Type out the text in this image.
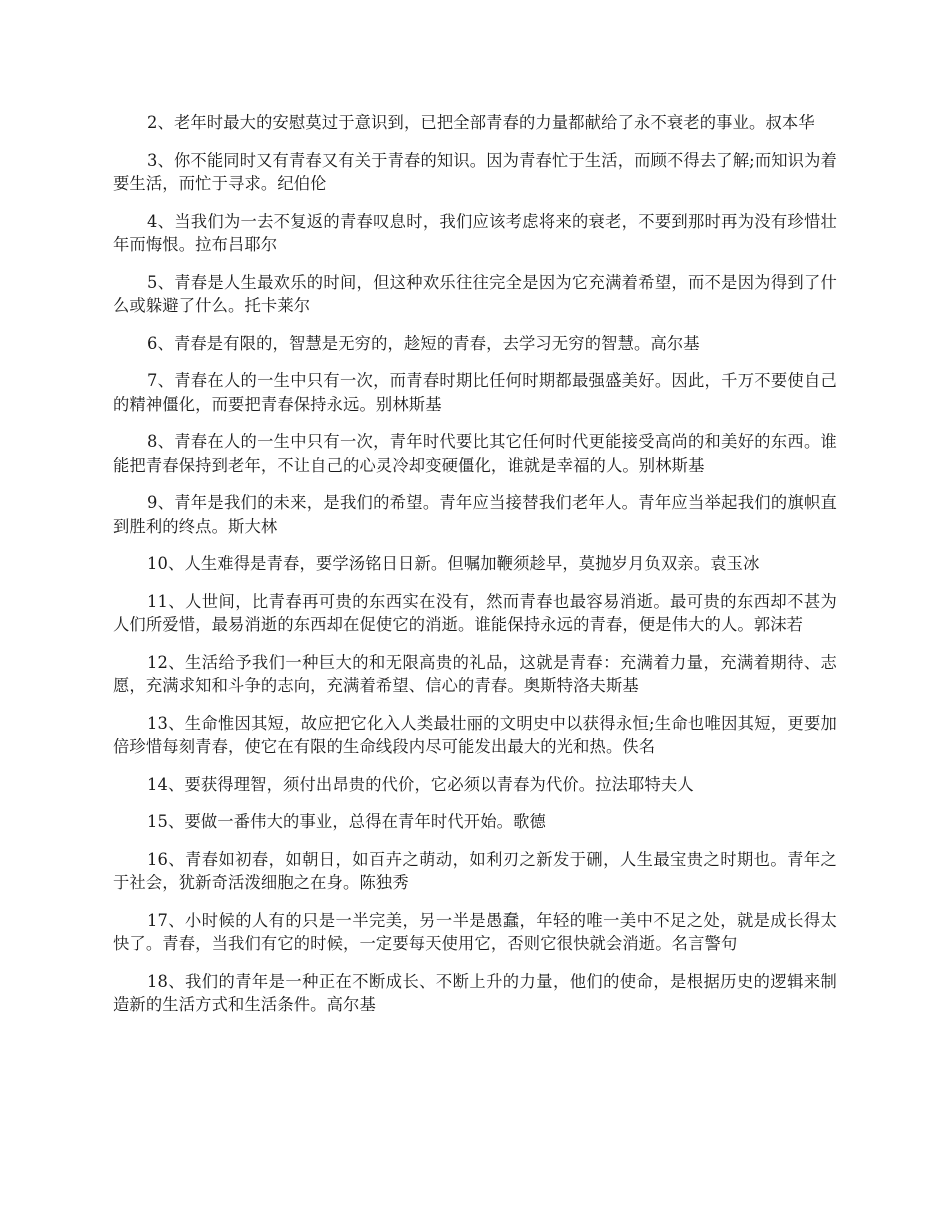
2、老年时最大的安慰莫过于意识到，已把全部青春的力量都献给了永不衰老的事业。叔本华

3、你不能同时又有青春又有关于青春的知识。因为青春忙于生活，而顾不得去了解;而知识为着要生活，而忙于寻求。纪伯伦

4、当我们为一去不复返的青春叹息时，我们应该考虑将来的衰老，不要到那时再为没有珍惜壮年而悔恨。拉布吕耶尔

5、青春是人生最欢乐的时间，但这种欢乐往往完全是因为它充满着希望，而不是因为得到了什么或躲避了什么。托卡莱尔

6、青春是有限的，智慧是无穷的，趁短的青春，去学习无穷的智慧。高尔基

7、青春在人的一生中只有一次，而青春时期比任何时期都最强盛美好。因此，千万不要使自己的精神僵化，而要把青春保持永远。别林斯基

8、青春在人的一生中只有一次，青年时代要比其它任何时代更能接受高尚的和美好的东西。谁能把青春保持到老年，不让自己的心灵冷却变硬僵化，谁就是幸福的人。别林斯基

9、青年是我们的未来，是我们的希望。青年应当接替我们老年人。青年应当举起我们的旗帜直到胜利的终点。斯大林

10、人生难得是青春，要学汤铭日日新。但嘱加鞭须趁早，莫抛岁月负双亲。袁玉冰

11、人世间，比青春再可贵的东西实在没有，然而青春也最容易消逝。最可贵的东西却不甚为人们所爱惜，最易消逝的东西却在促使它的消逝。谁能保持永远的青春，便是伟大的人。郭沫若

12、生活给予我们一种巨大的和无限高贵的礼品，这就是青春：充满着力量，充满着期待、志愿，充满求知和斗争的志向，充满着希望、信心的青春。奥斯特洛夫斯基

13、生命惟因其短，故应把它化入人类最壮丽的文明史中以获得永恒;生命也唯因其短，更要加倍珍惜每刻青春，使它在有限的生命线段内尽可能发出最大的光和热。佚名

14、要获得理智，须付出昂贵的代价，它必须以青春为代价。拉法耶特夫人

15、要做一番伟大的事业，总得在青年时代开始。歌德

16、青春如初春，如朝日，如百卉之萌动，如利刃之新发于硎，人生最宝贵之时期也。青年之于社会，犹新奇活泼细胞之在身。陈独秀

17、小时候的人有的只是一半完美，另一半是愚蠢，年轻的唯一美中不足之处，就是成长得太快了。青春，当我们有它的时候，一定要每天使用它，否则它很快就会消逝。名言警句

18、我们的青年是一种正在不断成长、不断上升的力量，他们的使命，是根据历史的逻辑来制造新的生活方式和生活条件。高尔基
